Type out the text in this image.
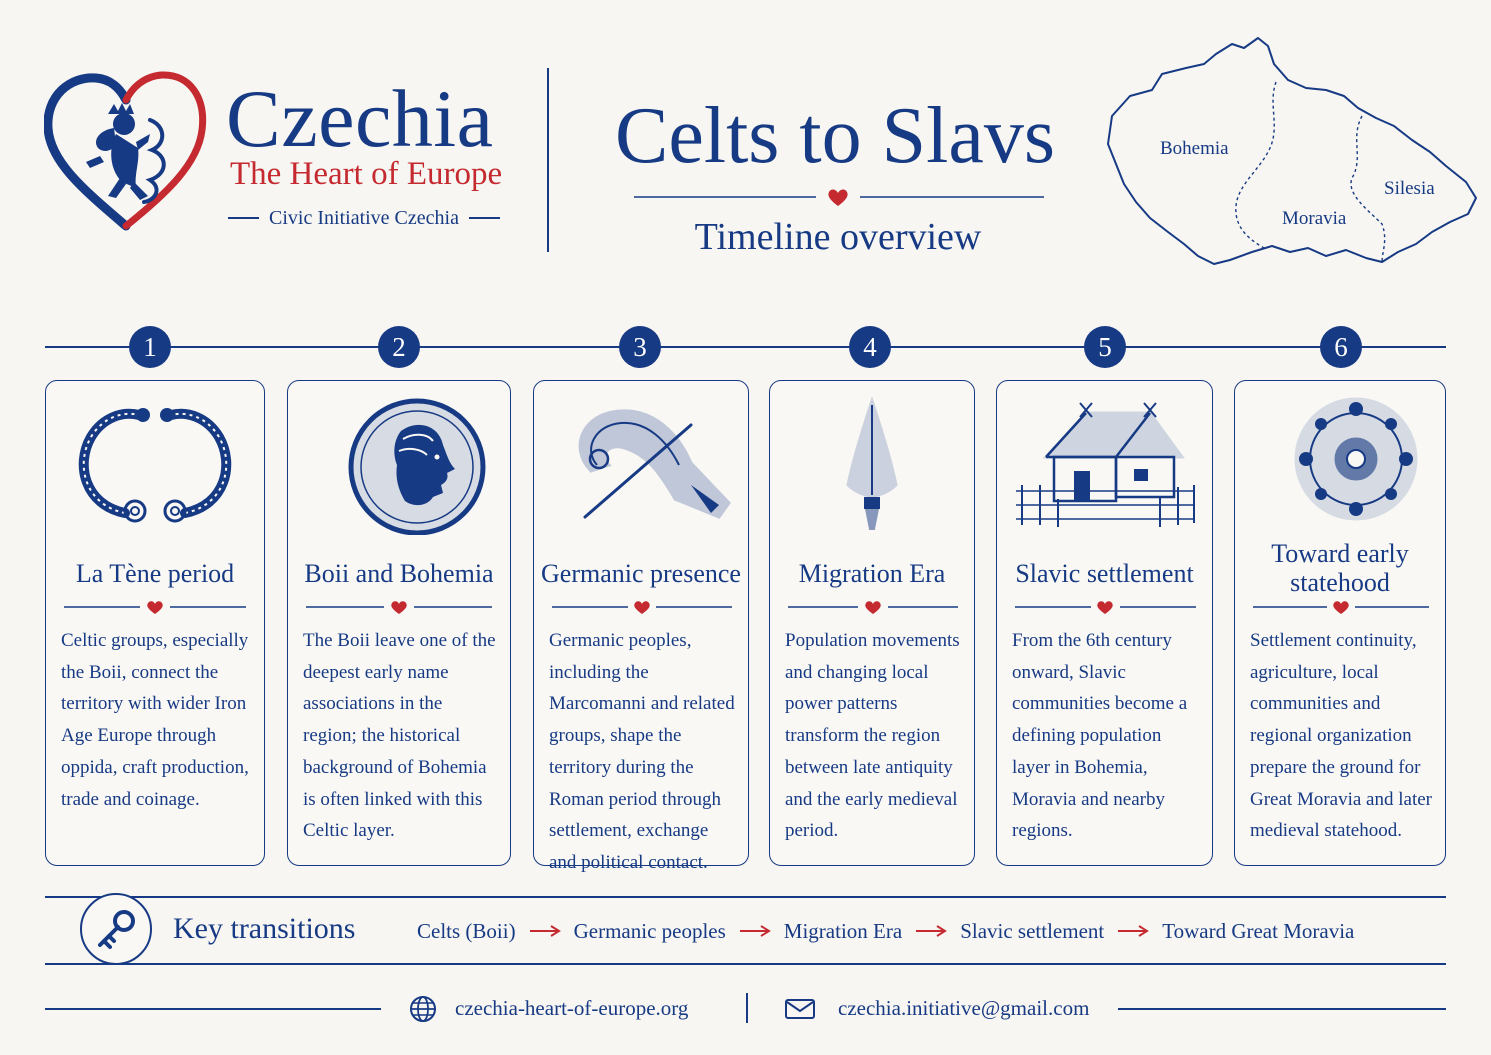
Czechia
The Heart of Europe
Civic Initiative Czechia
Celts to Slavs
Timeline overview
Bohemia
Moravia
Silesia
1	2	3	4	5	6
La Tène period
Celtic groups, especially the Boii, connect the territory with wider Iron Age Europe through oppida, craft production, trade and coinage.
Boii and Bohemia
The Boii leave one of the deepest early name associations in the region; the historical background of Bohemia is often linked with this Celtic layer.
Germanic presence
Germanic peoples, including the Marcomanni and related groups, shape the territory during the Roman period through settlement, exchange and political contact.
Migration Era
Population movements and changing local power patterns transform the region between late antiquity and the early medieval period.
Slavic settlement
From the 6th century onward, Slavic communities become a defining population layer in Bohemia, Moravia and nearby regions.
Toward early statehood
Settlement continuity, agriculture, local communities and regional organization prepare the ground for Great Moravia and later medieval statehood.
Key transitions	Celts (Boii)	Germanic peoples	Migration Era	Slavic settlement	Toward Great Moravia
czechia-heart-of-europe.org	czechia.initiative@gmail.com
